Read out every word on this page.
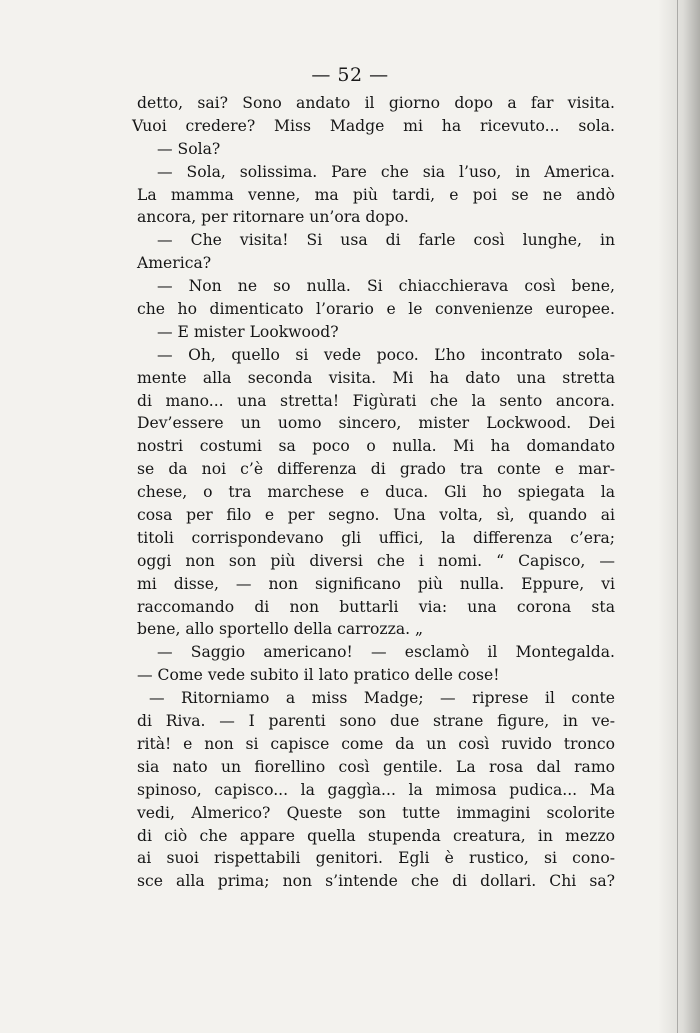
— 52 —
detto, sai? Sono andato il giorno dopo a far visita.
Vuoi credere? Miss Madge mi ha ricevuto... sola.
— Sola?
— Sola, solissima. Pare che sia l’uso, in America.
La mamma venne, ma più tardi, e poi se ne andò
ancora, per ritornare un’ora dopo.
— Che visita! Si usa di farle così lunghe, in
America?
— Non ne so nulla. Si chiacchierava così bene,
che ho dimenticato l’orario e le convenienze europee.
— E mister Lookwood?
— Oh, quello si vede poco. L’ho incontrato sola-
mente alla seconda visita. Mi ha dato una stretta
di mano... una stretta! Figùrati che la sento ancora.
Dev’essere un uomo sincero, mister Lockwood. Dei
nostri costumi sa poco o nulla. Mi ha domandato
se da noi c’è differenza di grado tra conte e mar-
chese, o tra marchese e duca. Gli ho spiegata la
cosa per filo e per segno. Una volta, sì, quando ai
titoli corrispondevano gli uffici, la differenza c’era;
oggi non son più diversi che i nomi. “ Capisco, —
mi disse, — non significano più nulla. Eppure, vi
raccomando di non buttarli via: una corona sta
bene, allo sportello della carrozza. „
— Saggio americano! — esclamò il Montegalda.
— Come vede subito il lato pratico delle cose!
— Ritorniamo a miss Madge; — riprese il conte
di Riva. — I parenti sono due strane figure, in ve-
rità! e non si capisce come da un così ruvido tronco
sia nato un fiorellino così gentile. La rosa dal ramo
spinoso, capisco... la gaggìa... la mimosa pudica... Ma
vedi, Almerico? Queste son tutte immagini scolorite
di ciò che appare quella stupenda creatura, in mezzo
ai suoi rispettabili genitori. Egli è rustico, si cono-
sce alla prima; non s’intende che di dollari. Chi sa?
